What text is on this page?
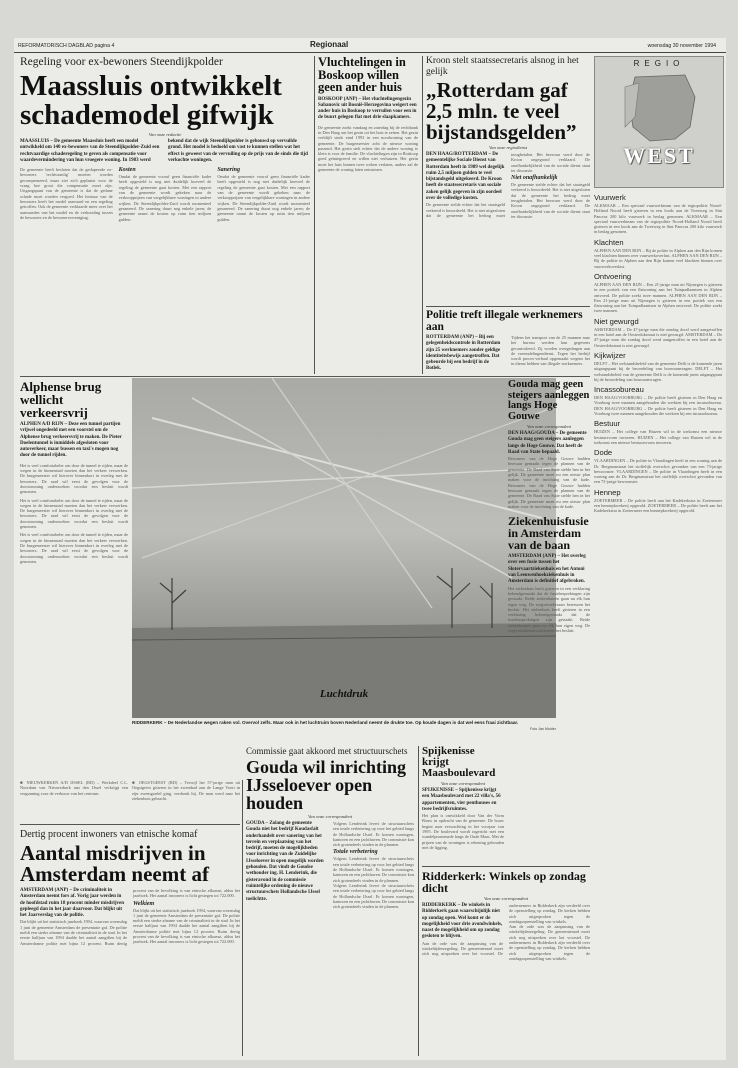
REFORMATORISCH DAGBLAD pagina 4	Regionaal	woensdag 30 november 1994
Regeling voor ex-bewoners Steendijkpolder
Maassluis ontwikkelt schademodel gifwijk
Van onze redactie
MAASSLUIS – De gemeente Maassluis heeft een model ontwikkeld om 140 ex-bewoners van de Steendijkpolder-Zuid een rechtvaardige schaderegeling te geven als compensatie voor waardevermindering van hun vroegere woning. In 1983 werd bekend dat de wijk Steendijkpolder is gebouwd op vervuilde grond. Het model is bedoeld om vast te kunnen stellen wat het effect is geweest van de vervuiling op de prijs van de sinds die tijd verkochte woningen.
De gemeente heeft besloten dat de gedupeerde ex-bewoners 'rechtvaardig' moeten worden gecompenseerd, maar ziet zich geplaatst voor de vraag hoe groot die compensatie moet zijn. Uitgangspunt van de gemeente is dat de gedane schade moet worden vergoed. Het bestuur van de bewoners heeft het model aanvaard en een regeling getroffen. Ook de gemeente verklaarde meer over het aanvaarden van het model en de verhouding tussen de bewoners en de bewonersvereniging.
Kosten
Omdat de gemeente vooraf geen financiële kader heeft opgesteld is nog niet duidelijk hoeveel de regeling de gemeente gaat kosten. Met een rapport van de gemeente wordt gekeken naar de verkoopprijzen van vergelijkbare woningen in andere wijken. De Steendijkpolder-Zuid wordt momenteel gesaneerd. De sanering duurt nog enkele jaren; de gemeente raamt de kosten op ruim tien miljoen gulden.
Sanering
Omdat de gemeente vooraf geen financiële kader heeft opgesteld is nog niet duidelijk hoeveel de regeling de gemeente gaat kosten. Met een rapport van de gemeente wordt gekeken naar de verkoopprijzen van vergelijkbare woningen in andere wijken. De Steendijkpolder-Zuid wordt momenteel gesaneerd. De sanering duurt nog enkele jaren; de gemeente raamt de kosten op ruim tien miljoen gulden.
Vluchtelingen in Boskoop willen geen ander huis
BOSKOOP (ANP) – Het vluchtelingengezin Sabanovic uit Bosnië-Herzegovina weigert een ander huis in Boskoop te verruilen voor een in de buurt gelegen flat met drie slaapkamers.
De gemeente zoekt vandaag en zaterdag bij de rechtbank in Den Haag om het gezin uit het huis te zetten. Het gezin verblijft sinds eind 1993 in een noodwoning van de gemeente. De burgemeester acht de nieuwe woning passend. Het gezin stelt echter dat de andere woning te klein is voor de familie. De vluchtelingen zijn in Boskoop goed geïntegreerd en willen niet verhuizen. Het gezin moet het huis binnen twee weken verlaten, anders zal de gemeente de woning laten ontruimen.
Kroon stelt staatssecretaris alsnog in het gelijk
„Rotterdam gaf 2,5 mln. te veel bijstandsgelden”
Van onze regiodienst
DEN HAAG/ROTTERDAM – De gemeentelijke Sociale Dienst van Rotterdam heeft in 1989 wel degelijk ruim 2,5 miljoen gulden te veel bijstandsgeld uitgekeerd. De Kroon heeft de staatssecretaris van sociale zaken gelijk gegeven in zijn oordeel over de volledige kosten.
De gemeente stelde echter dat het staatsgeld verkeerd is beoordeeld. Het is niet uitgesloten dat de gemeente het bedrag moet terugbetalen. Het bezwaar werd door de Kroon ongegrond verklaard. De onafhankelijkheid van de sociale dienst staat ter discussie.
Niet onafhankelijk
De gemeente stelde echter dat het staatsgeld verkeerd is beoordeeld. Het is niet uitgesloten dat de gemeente het bedrag moet terugbetalen. Het bezwaar werd door de Kroon ongegrond verklaard. De onafhankelijkheid van de sociale dienst staat ter discussie.
Politie treft illegale werknemers aan
ROTTERDAM (ANP) – Bij een gelegenheidscontrole in Rotterdam zijn 25 werknemers zonder geldige identiteitsbewijs aangetroffen. Dat gebeurde bij een bedrijf in de Botlek.
Tijdens het transport van de 25 mannen naar het bureau werden hun gegevens gecontroleerd. Zij worden overgedragen aan de vreemdelingendienst. Tegen het bedrijf wordt proces-verbaal opgemaakt wegens het in dienst hebben van illegale werknemers.
REGIO
WEST
Vuurwerk
ALKMAAR – Een speciaal vuurwerkteam van de regiopolitie Noord-Holland Noord heeft gisteren in een loods aan de Tweeweg in Sint Pancras 200 kilo vuurwerk in beslag genomen. ALKMAAR – Een speciaal vuurwerkteam van de regiopolitie Noord-Holland Noord heeft gisteren in een loods aan de Tweeweg in Sint Pancras 200 kilo vuurwerk in beslag genomen.
Klachten
ALPHEN AAN DEN RIJN – Bij de politie in Alphen aan den Rijn komen veel klachten binnen over vuurwerkoverlast. ALPHEN AAN DEN RIJN – Bij de politie in Alphen aan den Rijn komen veel klachten binnen over vuurwerkoverlast.
Ontvoering
ALPHEN AAN DEN RIJN – Een 21-jarige man uit Nijmegen is gisteren in een portiek van een flatwoning aan het Tuinpadlaantsen in Alphen ontvoerd. De politie zoekt twee mannen. ALPHEN AAN DEN RIJN – Een 21-jarige man uit Nijmegen is gisteren in een portiek van een flatwoning aan het Tuinpadlaantsen in Alphen ontvoerd. De politie zoekt twee mannen.
Niet gewurgd
AMSTERDAM – De 47-jarige man die zondag dood werd aangetroffen in een hotel aan de Oosterdokstraat is niet gewurgd. AMSTERDAM – De 47-jarige man die zondag dood werd aangetroffen in een hotel aan de Oosterdokstraat is niet gewurgd.
Kijkwijzer
DELFT – Het welstandsbeleid van de gemeente Delft is de komende jaren uitgangspunt bij de beoordeling van bouwaanvragen. DELFT – Het welstandsbeleid van de gemeente Delft is de komende jaren uitgangspunt bij de beoordeling van bouwaanvragen.
Incassobureau
DEN HAAG/VOORBURG – De politie heeft gisteren in Den Haag en Voorburg twee mannen aangehouden die werkten bij een incassobureau. DEN HAAG/VOORBURG – De politie heeft gisteren in Den Haag en Voorburg twee mannen aangehouden die werkten bij een incassobureau.
Bestuur
HUIZEN – Het college van Huizen wil in de toekomst een nieuwe bestuursvorm invoeren. HUIZEN – Het college van Huizen wil in de toekomst een nieuwe bestuursvorm invoeren.
Dode
VLAARDINGEN – De politie in Vlaardingen heeft in een woning aan de Dr. Bergmanstraat het stoffelijk overschot gevonden van een 73-jarige bewoonster. VLAARDINGEN – De politie in Vlaardingen heeft in een woning aan de Dr. Bergmanstraat het stoffelijk overschot gevonden van een 73-jarige bewoonster.
Hennep
ZOETERMEER – De politie heeft aan het Kadekerkstra in Zoetermeer een hennepkwekerij opgerold. ZOETERMEER – De politie heeft aan het Kadekerkstra in Zoetermeer een hennepkwekerij opgerold.
Alphense brug wellicht verkeersvrij
ALPHEN A/D RIJN – Deze een tunnel partijen vrijwel ongedeeld met een voorstel om de Alphense brug verkeersvrij te maken. De Pieter Doelentunnel is inmiddels afgesloten voor autoverkeer, maar bussen en taxi's mogen nog door de tunnel rijden.
Het is veel comfortabeler om door de tunnel te rijden, maar de wegen in de binnenstad moeten dan het verkeer verwerken. De burgemeester wil hierover binnenkort in overleg met de bewoners. De raad wil eerst de gevolgen voor de doorstroming onderzoeken voordat een besluit wordt genomen.
Het is veel comfortabeler om door de tunnel te rijden, maar de wegen in de binnenstad moeten dan het verkeer verwerken. De burgemeester wil hierover binnenkort in overleg met de bewoners. De raad wil eerst de gevolgen voor de doorstroming onderzoeken voordat een besluit wordt genomen.
Het is veel comfortabeler om door de tunnel te rijden, maar de wegen in de binnenstad moeten dan het verkeer verwerken. De burgemeester wil hierover binnenkort in overleg met de bewoners. De raad wil eerst de gevolgen voor de doorstroming onderzoeken voordat een besluit wordt genomen.
Luchtdruk
RIDDERKERK – De Nederlandse wegen raken vol. Overvol zelfs. Maar ook in het luchtruim boven Nederland neemt de drukte toe. Op koude dagen is dat wel eens fraai zichtbaar.
Foto Jan Mulder
■ NIEUWKERKEN A/D IJSSEL (RD) – Werkdeel C.L. Noordam van Nieuwerkerk aan den IJssel verkrijgt een vergunning voor de verbouw van het centrum.
■ OEGSTGEEST (RD) – Terwijl het 57-jarige man uit Oegstgeest gisteren in het zwembad aan de Lange Voort in zijn zwemgordel ging, verdronk hij. De man werd naar het ziekenhuis gebracht.
Dertig procent inwoners van etnische komaf
Aantal misdrijven in Amsterdam neemt af
AMSTERDAM (ANP) – De criminaliteit in Amsterdam neemt fors af. Vorig jaar werden in de hoofdstad ruim 18 procent minder misdrijven gepleegd dan in het jaar daarvoor. Dat blijkt uit het Jaarverslag van de politie.
Dat blijkt uit het statistisch jaarboek 1994, waarvan woensdag 1 juni de gemeente Amsterdam de presentatie gaf. De politie meldt een sterke afname van de criminaliteit in de stad. In het eerste halfjaar van 1994 daalde het aantal aangiften bij de Amsterdamse politie met bijna 12 procent. Ruim dertig procent van de bevolking is van etnische afkomst, aldus het jaarboek. Het aantal inwoners is licht gestegen tot 722.000.
Welkiem
Dat blijkt uit het statistisch jaarboek 1994, waarvan woensdag 1 juni de gemeente Amsterdam de presentatie gaf. De politie meldt een sterke afname van de criminaliteit in de stad. In het eerste halfjaar van 1994 daalde het aantal aangiften bij de Amsterdamse politie met bijna 12 procent. Ruim dertig procent van de bevolking is van etnische afkomst, aldus het jaarboek. Het aantal inwoners is licht gestegen tot 722.000.
Commissie gaat akkoord met structuurschets
Gouda wil inrichting IJsseloever open houden
Van onze correspondent
GOUDA – Zolang de gemeente Gouda niet het bedrijf Koudasfalt onderhandelt over sanering van het terrein en verplaatsing van het bedrijf, moeten de mogelijkheden voor inrichting van de Zuidelijke IJsseloever in open mogelijk worden gehouden. Dat vindt de Goudse wethouder ing. H. Lenderink, die gisteravond in de commissie ruimtelijke ordening de nieuwe structuurschets Hollandsche IJssel toelichtte.
Volgens Lenderink levert de structuurschets een totale verbetering op voor het gebied langs de Hollandsche IJssel. Er komen woningen, kantoren en een jachthaven. De commissie kon zich grotendeels vinden in de plannen.
Totale verbetering
Volgens Lenderink levert de structuurschets een totale verbetering op voor het gebied langs de Hollandsche IJssel. Er komen woningen, kantoren en een jachthaven. De commissie kon zich grotendeels vinden in de plannen.
Volgens Lenderink levert de structuurschets een totale verbetering op voor het gebied langs de Hollandsche IJssel. Er komen woningen, kantoren en een jachthaven. De commissie kon zich grotendeels vinden in de plannen.
Spijkenisse krijgt Maasboulevard
Van onze correspondent
SPIJKENISSE – Spijkenisse krijgt een Maasboulevard met 22 villa's, 56 appartementen, vier penthouses en twee bedrijfsruimtes.
Het plan is ontwikkeld door Van der Vorm Bouw in opdracht van de gemeente. De bouw begint naar verwachting in het voorjaar van 1995. De boulevard wordt ingericht met een wandelpromenade langs de Oude Maas. Met de prijzen van de woningen is rekening gehouden met de ligging.
Gouda mag geen steigers aanleggen langs Hoge Gouwe
Van onze correspondent
DEN HAAG/GOUDA – De gemeente Gouda mag geen steigers aanleggen langs de Hoge Gouwe. Dat heeft de Raad van State bepaald.
Bewoners van de Hoge Gouwe hadden bezwaar gemaakt tegen de plannen van de gemeente. De Raad van State stelde hen in het gelijk. De gemeente moet nu een nieuw plan maken voor de inrichting van de kade. Bewoners van de Hoge Gouwe hadden bezwaar gemaakt tegen de plannen van de gemeente. De Raad van State stelde hen in het gelijk. De gemeente moet nu een nieuw plan maken voor de inrichting van de kade.
Ziekenhuisfusie in Amsterdam van de baan
AMSTERDAM (ANP) – Het overleg over een fusie tussen het Slotervaartziekenhuis en het Antoni van Leeuwenhoekziekenhuis in Amsterdam is definitief afgebroken.
Het ziekenhuis heeft gisteren in een verklaring bekendgemaakt dat de fusiebesprekingen zijn gestaakt. Beide ziekenhuizen gaan nu elk hun eigen weg. De zorgverzekeraars betreuren het besluit. Het ziekenhuis heeft gisteren in een verklaring bekendgemaakt dat de fusiebesprekingen zijn gestaakt. Beide ziekenhuizen gaan nu elk hun eigen weg. De zorgverzekeraars betreuren het besluit.
Ridderkerk: Winkels op zondag dicht
Van onze correspondent
RIDDERKERK – De winkels in Ridderkerk gaan waarschijnlijk niet op zondag open. Wel komt er de mogelijkheid voor drie avondwinkels, naast de mogelijkheid om op zondag gesloten te blijven.
Aan de orde was de aanpassing van de winkeltijdenregeling. De gemeenteraad moet zich nog uitspreken over het voorstel. De ondernemers in Ridderkerk zijn verdeeld over de openstelling op zondag. De kerken hebben zich uitgesproken tegen de zondagsopenstelling van winkels.
Aan de orde was de aanpassing van de winkeltijdenregeling. De gemeenteraad moet zich nog uitspreken over het voorstel. De ondernemers in Ridderkerk zijn verdeeld over de openstelling op zondag. De kerken hebben zich uitgesproken tegen de zondagsopenstelling van winkels.
